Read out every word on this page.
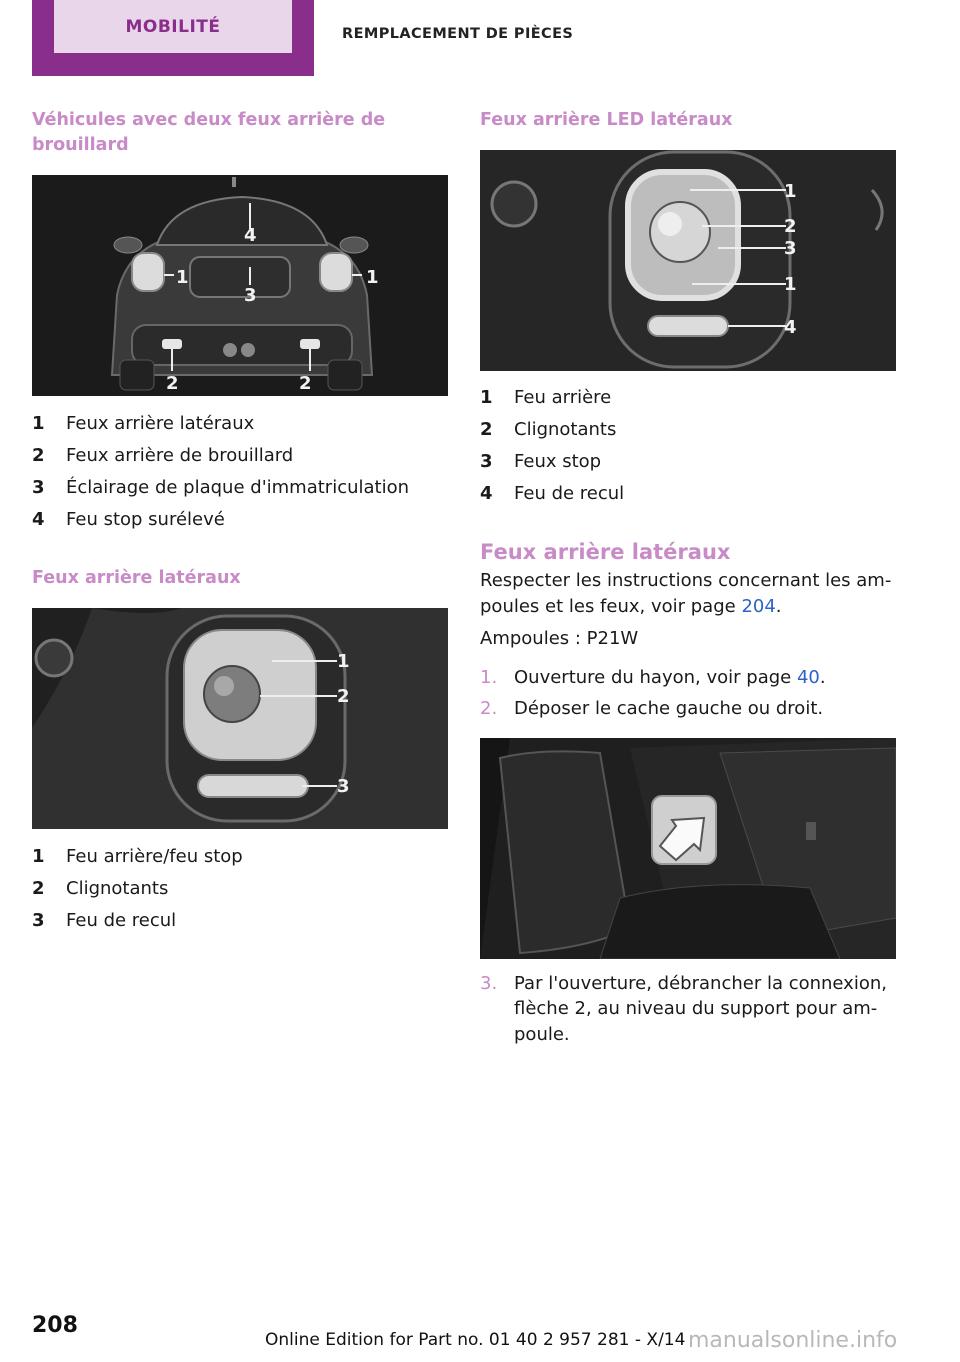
MOBILITÉ	REMPLACEMENT DE PIÈCES
Véhicules avec deux feux arrière de brouillard
4
1	1
3
2	2
1	Feux arrière latéraux
2	Feux arrière de brouillard
3	Éclairage de plaque d'immatriculation
4	Feu stop surélevé
Feux arrière latéraux
1
2
3
1	Feu arrière/feu stop
2	Clignotants
3	Feu de recul
Feux arrière LED latéraux
1
2
3
1
4
1	Feu arrière
2	Clignotants
3	Feux stop
4	Feu de recul
Feux arrière latéraux

Respecter les instructions concernant les am-
poules et les feux, voir page 204.

Ampoules : P21W

1. Ouverture du hayon, voir page 40.
2. Déposer le cache gauche ou droit.
3. Par l'ouverture, débrancher la connexion,
flèche 2, au niveau du support pour am-
poule.
208
Online Edition for Part no. 01 40 2 957 281 - X/14 manualsonline.info
